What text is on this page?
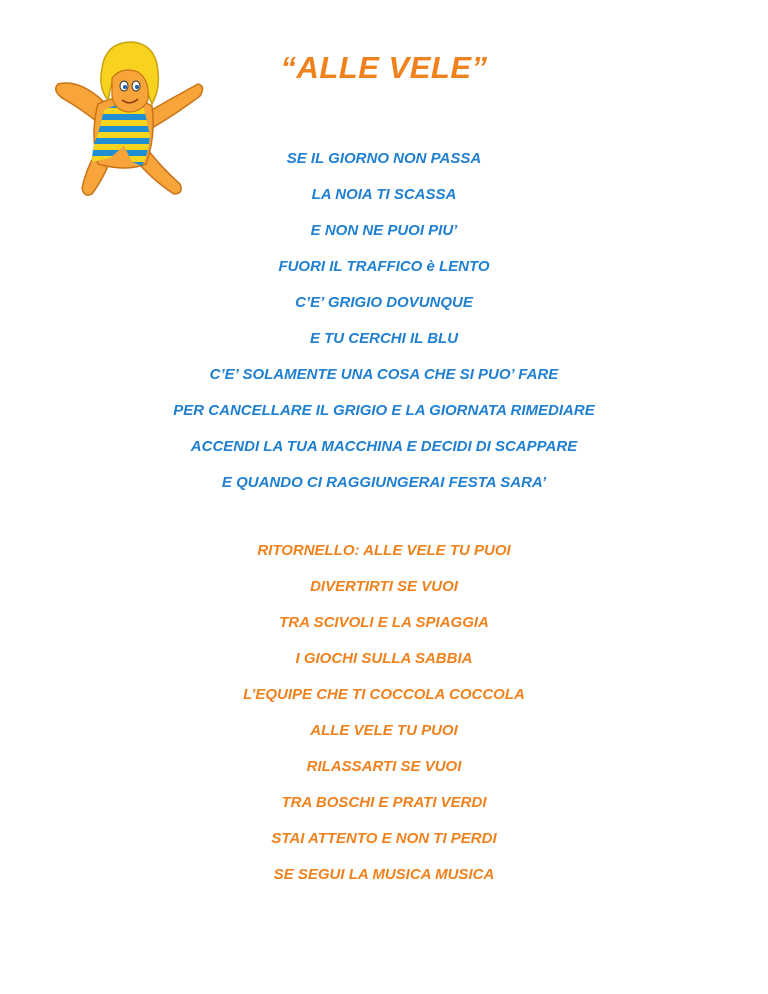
“ALLE VELE”
SE IL GIORNO NON PASSA
LA NOIA TI SCASSA
E NON NE PUOI PIU’
FUORI IL TRAFFICO è LENTO
C’E’ GRIGIO DOVUNQUE
E TU CERCHI IL BLU
C’E’ SOLAMENTE UNA COSA CHE SI PUO’ FARE
PER CANCELLARE IL GRIGIO E LA GIORNATA RIMEDIARE
ACCENDI LA TUA MACCHINA E DECIDI DI SCAPPARE
E QUANDO CI RAGGIUNGERAI FESTA SARA’
RITORNELLO: ALLE VELE TU PUOI
DIVERTIRTI SE VUOI
TRA SCIVOLI E LA SPIAGGIA
I GIOCHI SULLA SABBIA
L’EQUIPE CHE TI COCCOLA COCCOLA
ALLE VELE TU PUOI
RILASSARTI SE VUOI
TRA BOSCHI E PRATI VERDI
STAI ATTENTO E NON TI PERDI
SE SEGUI LA MUSICA MUSICA
